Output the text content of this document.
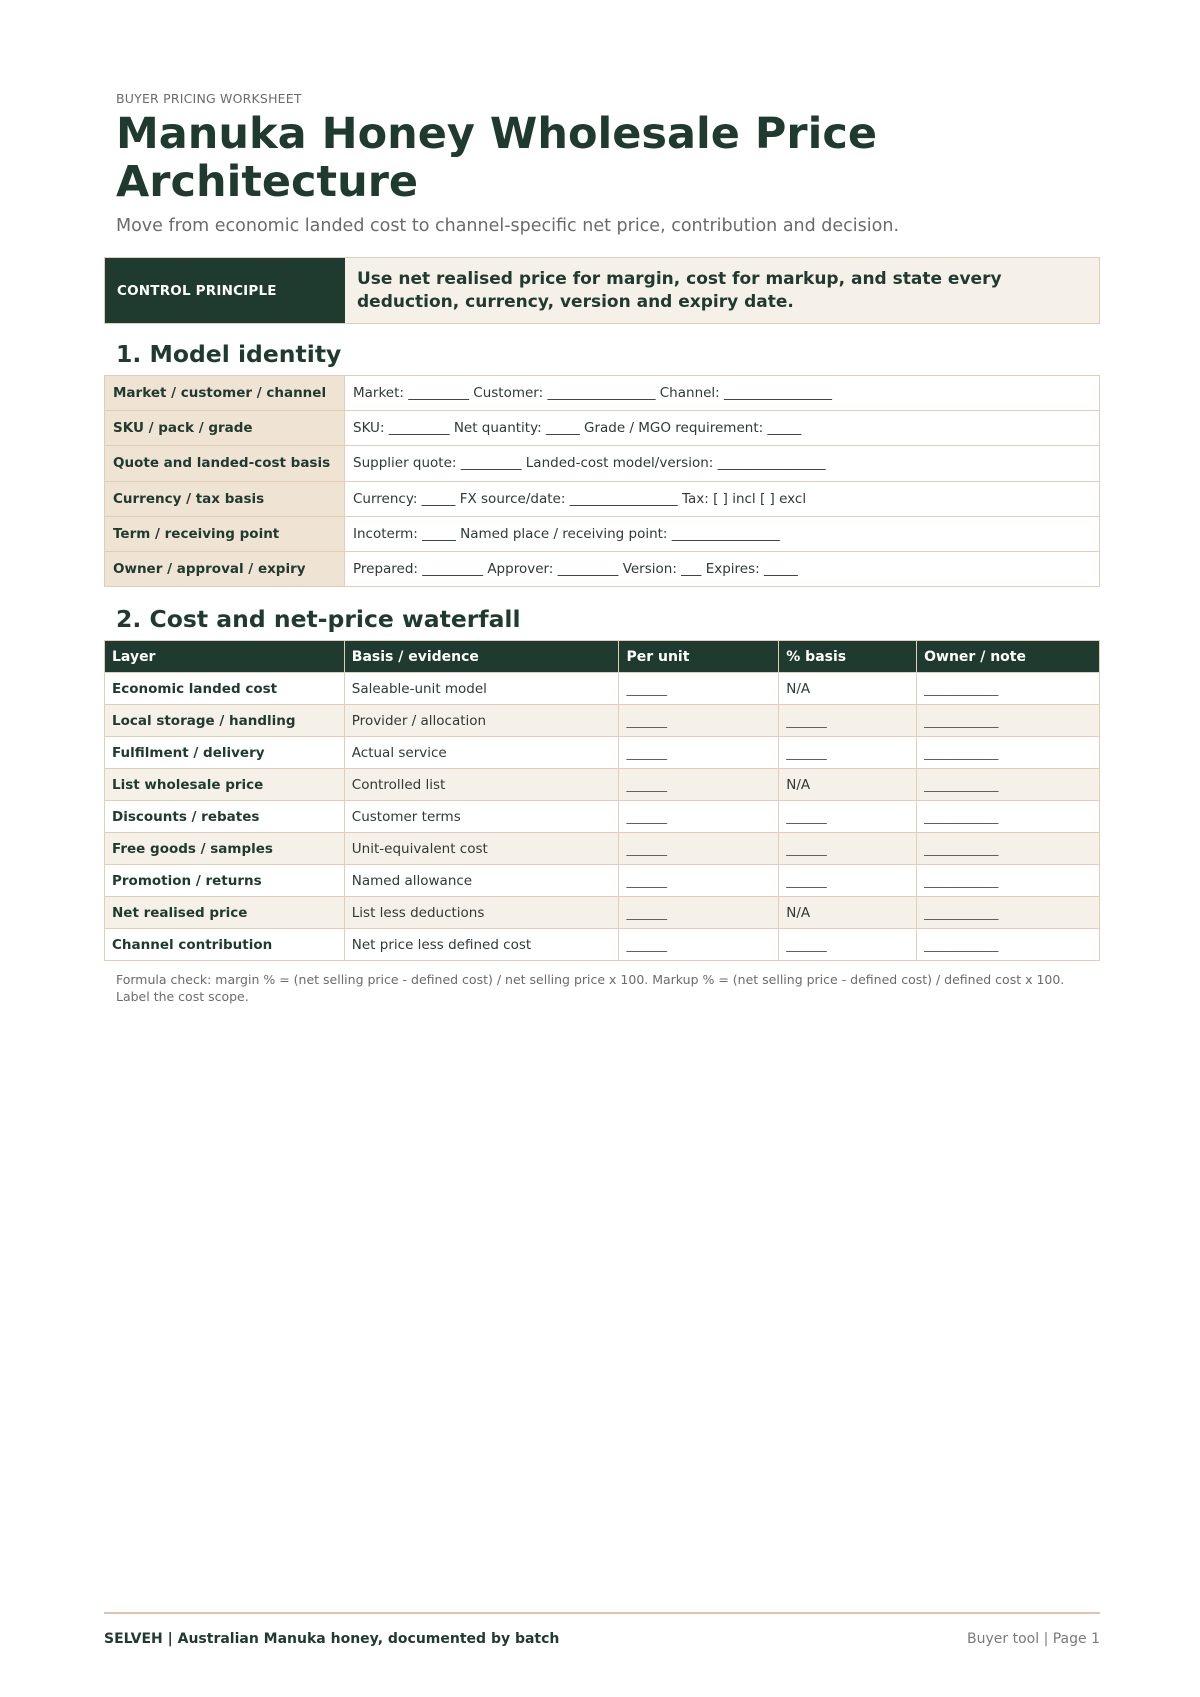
BUYER PRICING WORKSHEET
Manuka Honey Wholesale Price Architecture
Move from economic landed cost to channel-specific net price, contribution and decision.
CONTROL PRINCIPLE
Use net realised price for margin, cost for markup, and state every deduction, currency, version and expiry date.
1. Model identity
Market / customer / channel	Market: _________ Customer: ________________ Channel: ________________
SKU / pack / grade	SKU: _________ Net quantity: _____ Grade / MGO requirement: _____
Quote and landed-cost basis	Supplier quote: _________ Landed-cost model/version: ________________
Currency / tax basis	Currency: _____ FX source/date: ________________ Tax: [ ] incl [ ] excl
Term / receiving point	Incoterm: _____ Named place / receiving point: ________________
Owner / approval / expiry	Prepared: _________ Approver: _________ Version: ___ Expires: _____
2. Cost and net-price waterfall
Layer	Basis / evidence	Per unit	% basis	Owner / note
Economic landed cost	Saleable-unit model	______	N/A	___________
Local storage / handling	Provider / allocation	______	______	___________
Fulfilment / delivery	Actual service	______	______	___________
List wholesale price	Controlled list	______	N/A	___________
Discounts / rebates	Customer terms	______	______	___________
Free goods / samples	Unit-equivalent cost	______	______	___________
Promotion / returns	Named allowance	______	______	___________
Net realised price	List less deductions	______	N/A	___________
Channel contribution	Net price less defined cost	______	______	___________
Formula check: margin % = (net selling price - defined cost) / net selling price x 100. Markup % = (net selling price - defined cost) / defined cost x 100. Label the cost scope.
SELVEH | Australian Manuka honey, documented by batch	Buyer tool | Page 1
